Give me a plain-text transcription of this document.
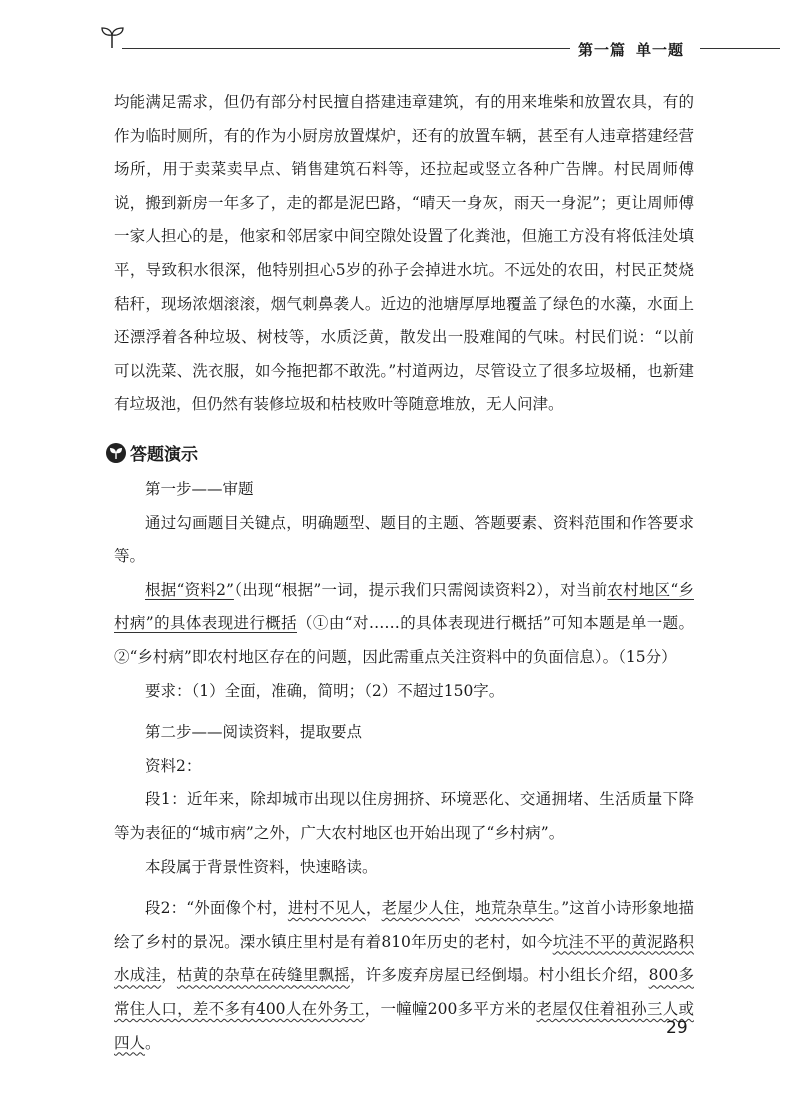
第一篇 单一题

均能满足需求，但仍有部分村民擅自搭建违章建筑，有的用来堆柴和放置农具，有的作为临时厕所，有的作为小厨房放置煤炉，还有的放置车辆，甚至有人违章搭建经营场所，用于卖菜卖早点、销售建筑石料等，还拉起或竖立各种广告牌。村民周师傅说，搬到新房一年多了，走的都是泥巴路，“晴天一身灰，雨天一身泥”；更让周师傅一家人担心的是，他家和邻居家中间空隙处设置了化粪池，但施工方没有将低洼处填平，导致积水很深，他特别担心5岁的孙子会掉进水坑。不远处的农田，村民正焚烧秸秆，现场浓烟滚滚，烟气刺鼻袭人。近边的池塘厚厚地覆盖了绿色的水藻，水面上还漂浮着各种垃圾、树枝等，水质泛黄，散发出一股难闻的气味。村民们说：“以前可以洗菜、洗衣服，如今拖把都不敢洗。”村道两边，尽管设立了很多垃圾桶，也新建有垃圾池，但仍然有装修垃圾和枯枝败叶等随意堆放，无人问津。

答题演示

第一步——审题

通过勾画题目关键点，明确题型、题目的主题、答题要素、资料范围和作答要求等。

根据“资料2”（出现“根据”一词，提示我们只需阅读资料2），对当前农村地区“乡村病”的具体表现进行概括（①由“对……的具体表现进行概括”可知本题是单一题。②“乡村病”即农村地区存在的问题，因此需重点关注资料中的负面信息）。（15分）

要求：（1）全面，准确，简明；（2）不超过150字。

第二步——阅读资料，提取要点

资料2：

段1：近年来，除却城市出现以住房拥挤、环境恶化、交通拥堵、生活质量下降等为表征的“城市病”之外，广大农村地区也开始出现了“乡村病”。

本段属于背景性资料，快速略读。

段2：“外面像个村，进村不见人，老屋少人住，地荒杂草生。”这首小诗形象地描绘了乡村的景况。溧水镇庄里村是有着810年历史的老村，如今坑洼不平的黄泥路积水成洼，枯黄的杂草在砖缝里飘摇，许多废弃房屋已经倒塌。村小组长介绍，800多常住人口，差不多有400人在外务工，一幢幢200多平方米的老屋仅住着祖孙三人或四人。

29
